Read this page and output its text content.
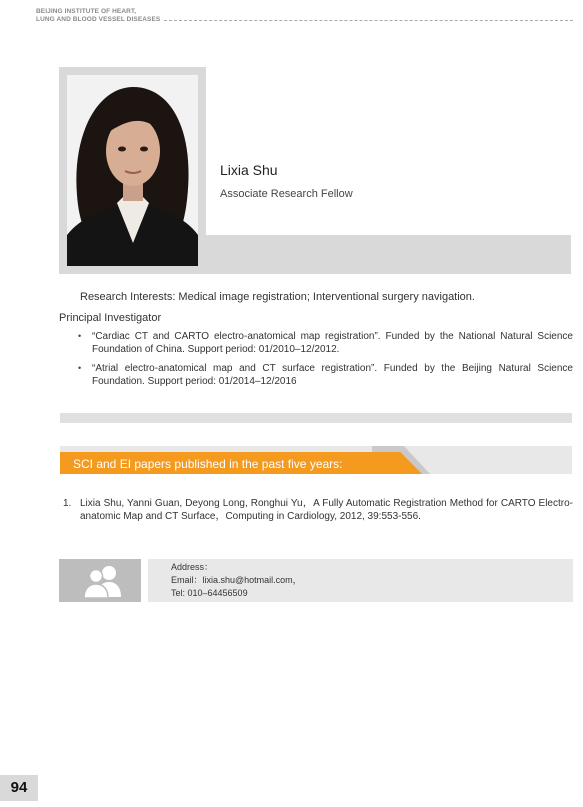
BEIJING INSTITUTE OF HEART,
LUNG AND BLOOD VESSEL DISEASES
Lixia Shu
Associate Research Fellow
Research Interests: Medical image registration; Interventional surgery navigation.
Principal Investigator
• “Cardiac CT and CARTO electro-anatomical map registration”. Funded by the National Natural Science Foundation of China. Support period: 01/2010–12/2012.
• “Atrial electro-anatomical map and CT surface registration”. Funded by the Beijing Natural Science Foundation. Support period: 01/2014–12/2016
SCI and EI papers published in the past five years:
1. Lixia Shu, Yanni Guan, Deyong Long, Ronghui Yu，A Fully Automatic Registration Method for CARTO Electro-anatomic Map and CT Surface，Computing in Cardiology, 2012, 39:553-556.
Address：
Email：lixia.shu@hotmail.com，
Tel: 010–64456509
94
